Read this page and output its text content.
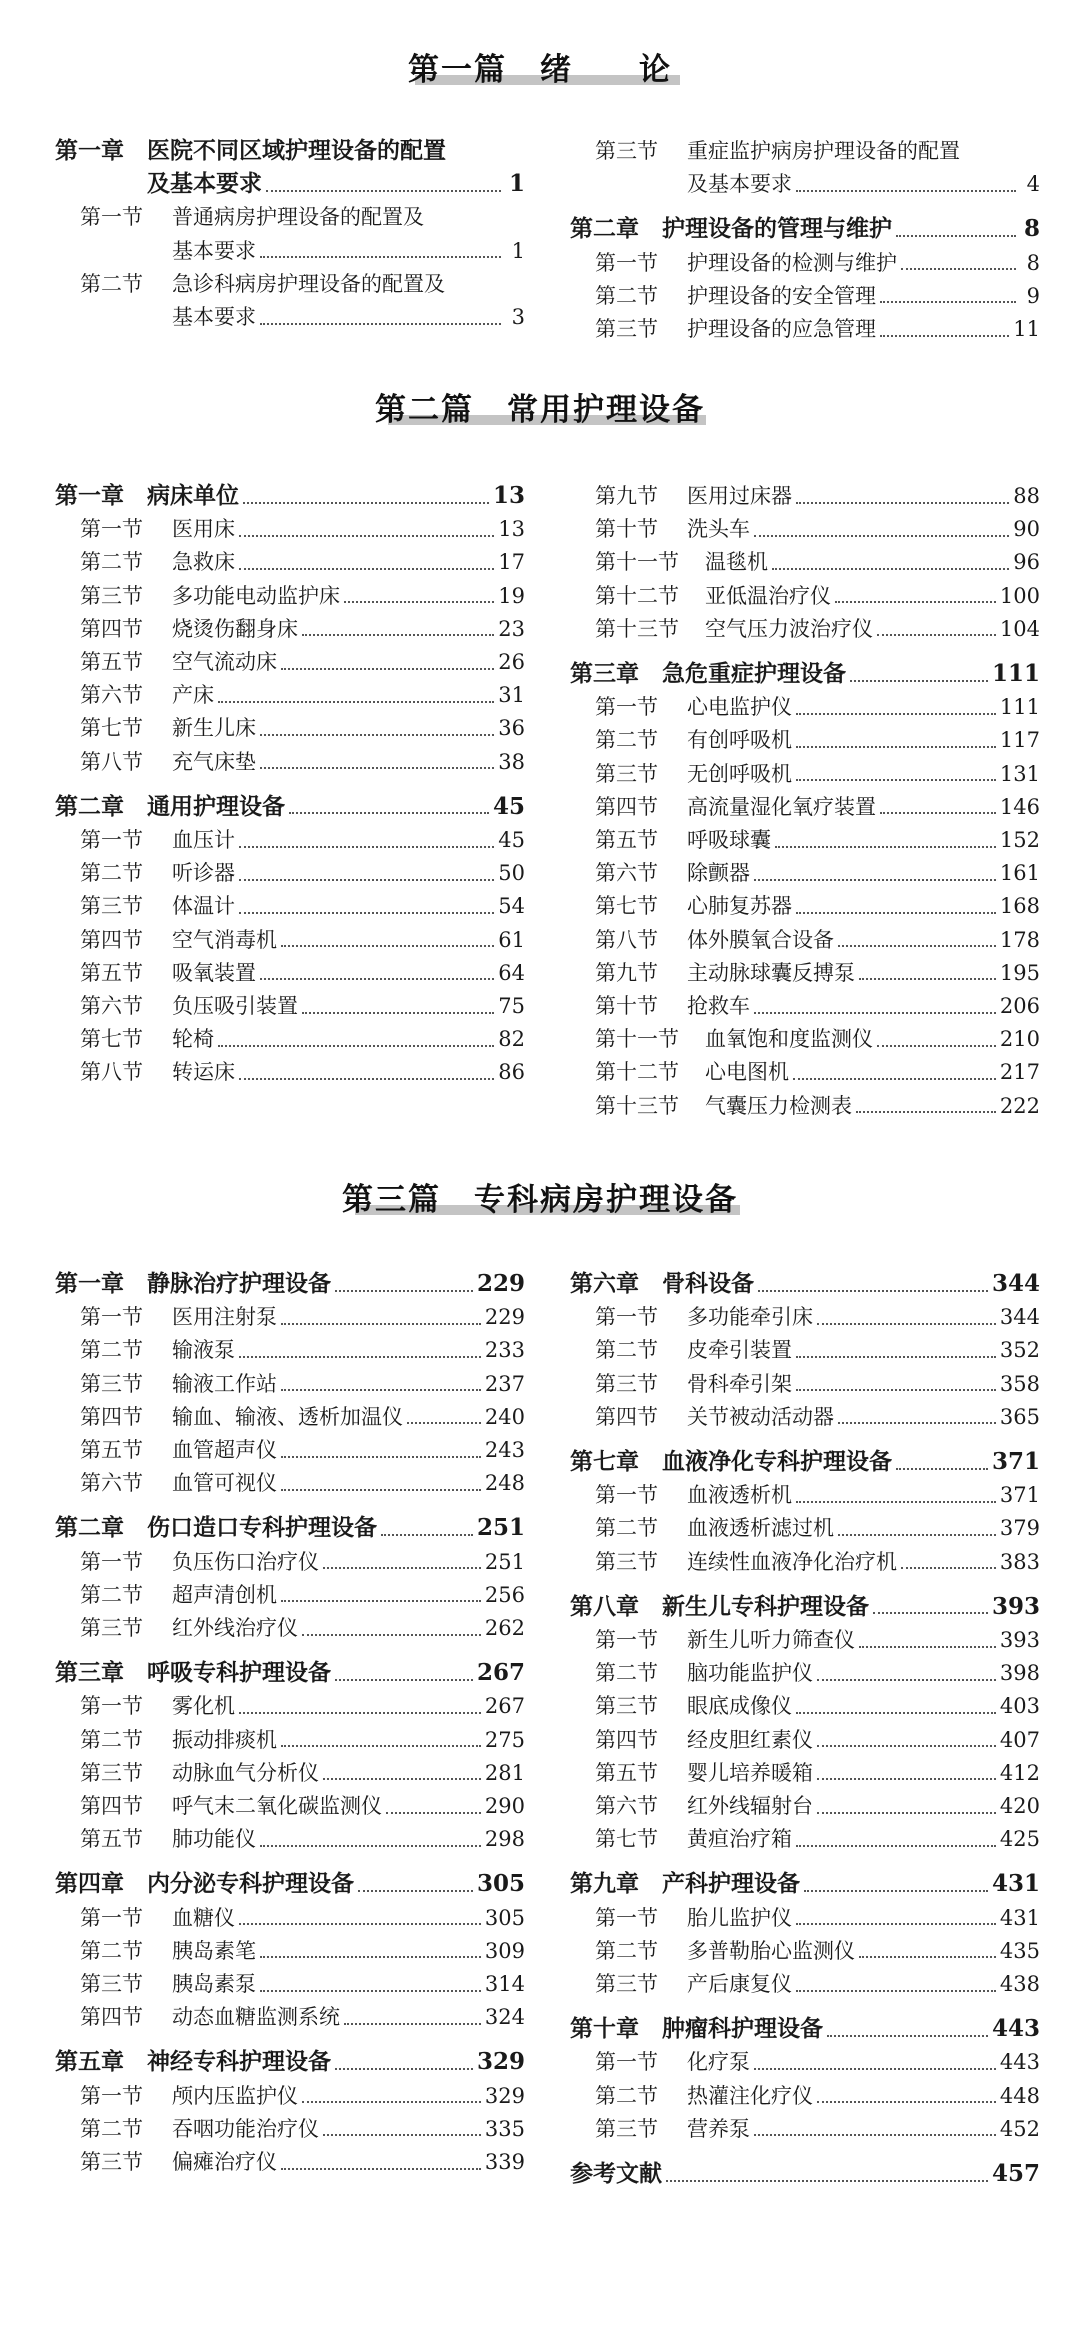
第一篇　绪　　论
第一章	医院不同区域护理设备的配置
及基本要求	1
第一节	普通病房护理设备的配置及
基本要求	1
第二节	急诊科病房护理设备的配置及
基本要求	3
第三节	重症监护病房护理设备的配置
及基本要求	4
第二章	护理设备的管理与维护	8
第一节	护理设备的检测与维护	8
第二节	护理设备的安全管理	9
第三节	护理设备的应急管理	11
第二篇　常用护理设备
第一章	病床单位	13
第一节	医用床	13
第二节	急救床	17
第三节	多功能电动监护床	19
第四节	烧烫伤翻身床	23
第五节	空气流动床	26
第六节	产床	31
第七节	新生儿床	36
第八节	充气床垫	38
第二章	通用护理设备	45
第一节	血压计	45
第二节	听诊器	50
第三节	体温计	54
第四节	空气消毒机	61
第五节	吸氧装置	64
第六节	负压吸引装置	75
第七节	轮椅	82
第八节	转运床	86
第九节	医用过床器	88
第十节	洗头车	90
第十一节	温毯机	96
第十二节	亚低温治疗仪	100
第十三节	空气压力波治疗仪	104
第三章	急危重症护理设备	111
第一节	心电监护仪	111
第二节	有创呼吸机	117
第三节	无创呼吸机	131
第四节	高流量湿化氧疗装置	146
第五节	呼吸球囊	152
第六节	除颤器	161
第七节	心肺复苏器	168
第八节	体外膜氧合设备	178
第九节	主动脉球囊反搏泵	195
第十节	抢救车	206
第十一节	血氧饱和度监测仪	210
第十二节	心电图机	217
第十三节	气囊压力检测表	222
第三篇　专科病房护理设备
第一章	静脉治疗护理设备	229
第一节	医用注射泵	229
第二节	输液泵	233
第三节	输液工作站	237
第四节	输血、输液、透析加温仪	240
第五节	血管超声仪	243
第六节	血管可视仪	248
第二章	伤口造口专科护理设备	251
第一节	负压伤口治疗仪	251
第二节	超声清创机	256
第三节	红外线治疗仪	262
第三章	呼吸专科护理设备	267
第一节	雾化机	267
第二节	振动排痰机	275
第三节	动脉血气分析仪	281
第四节	呼气末二氧化碳监测仪	290
第五节	肺功能仪	298
第四章	内分泌专科护理设备	305
第一节	血糖仪	305
第二节	胰岛素笔	309
第三节	胰岛素泵	314
第四节	动态血糖监测系统	324
第五章	神经专科护理设备	329
第一节	颅内压监护仪	329
第二节	吞咽功能治疗仪	335
第三节	偏瘫治疗仪	339
第六章	骨科设备	344
第一节	多功能牵引床	344
第二节	皮牵引装置	352
第三节	骨科牵引架	358
第四节	关节被动活动器	365
第七章	血液净化专科护理设备	371
第一节	血液透析机	371
第二节	血液透析滤过机	379
第三节	连续性血液净化治疗机	383
第八章	新生儿专科护理设备	393
第一节	新生儿听力筛查仪	393
第二节	脑功能监护仪	398
第三节	眼底成像仪	403
第四节	经皮胆红素仪	407
第五节	婴儿培养暖箱	412
第六节	红外线辐射台	420
第七节	黄疸治疗箱	425
第九章	产科护理设备	431
第一节	胎儿监护仪	431
第二节	多普勒胎心监测仪	435
第三节	产后康复仪	438
第十章	肿瘤科护理设备	443
第一节	化疗泵	443
第二节	热灌注化疗仪	448
第三节	营养泵	452
参考文献	457
